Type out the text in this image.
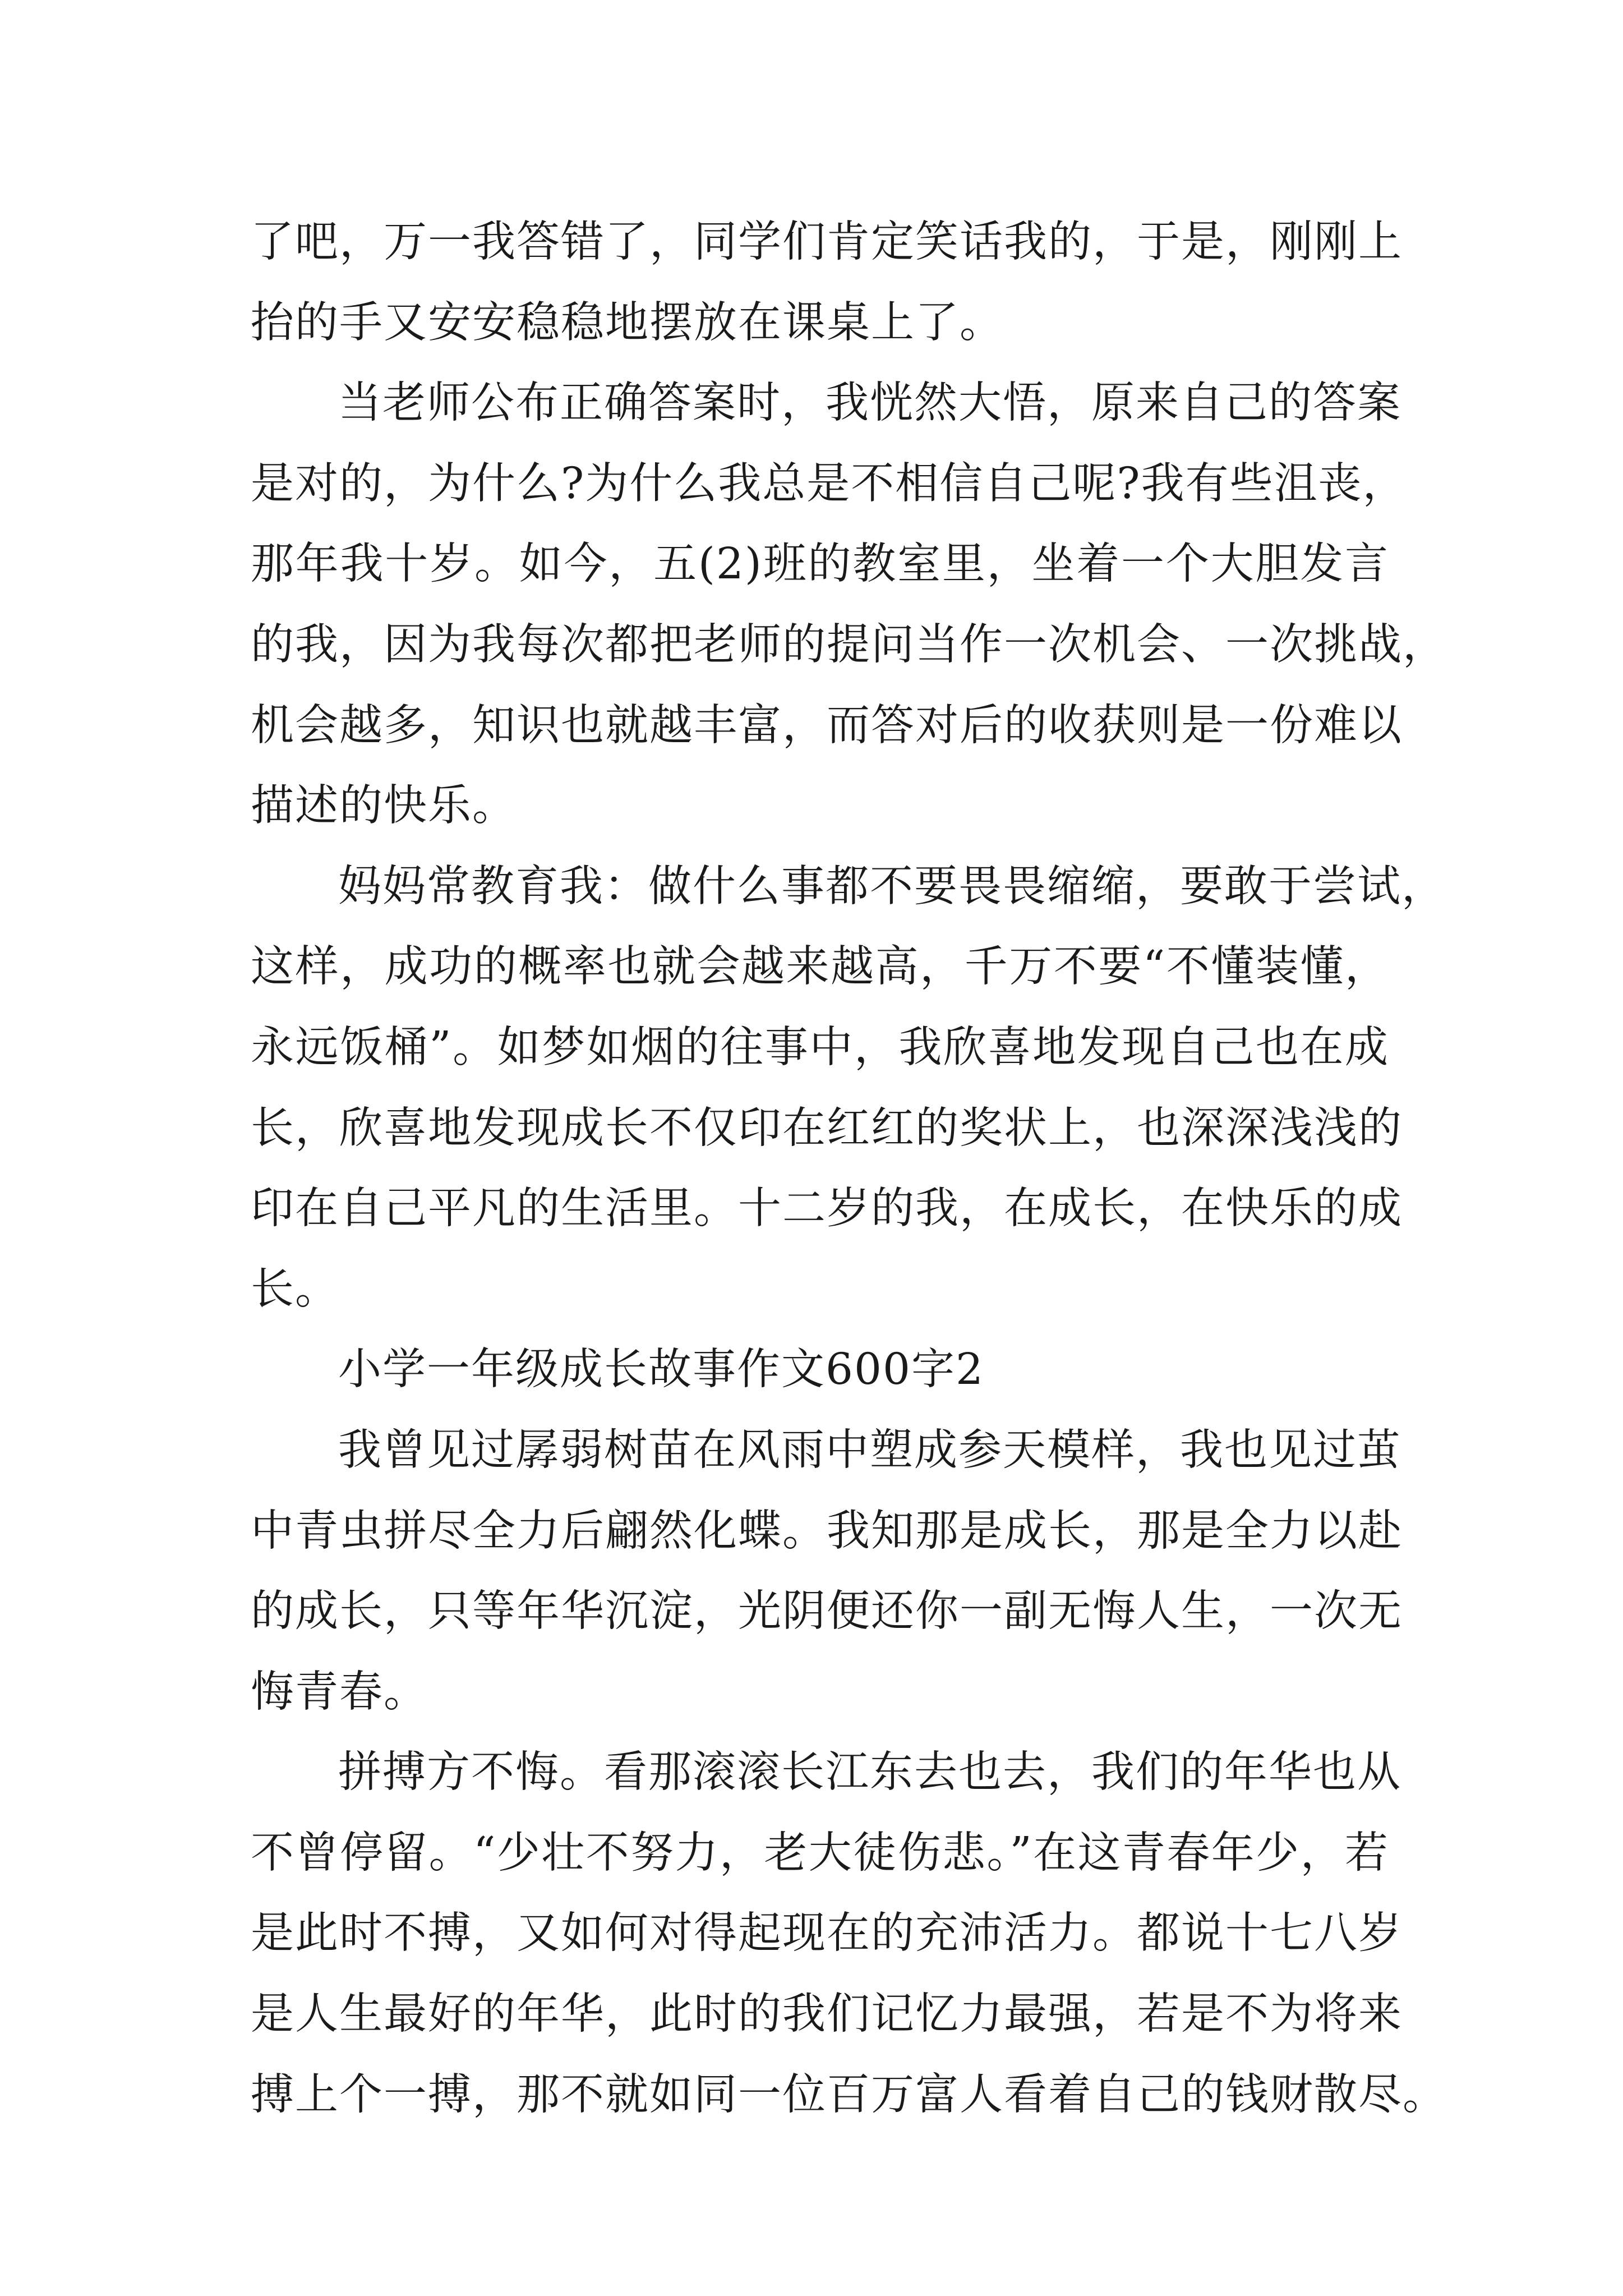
了吧，万一我答错了，同学们肯定笑话我的，于是，刚刚上
抬的手又安安稳稳地摆放在课桌上了。
当老师公布正确答案时，我恍然大悟，原来自己的答案
是对的，为什么?为什么我总是不相信自己呢?我有些沮丧，
那年我十岁。如今，五(2)班的教室里，坐着一个大胆发言
的我，因为我每次都把老师的提问当作一次机会、一次挑战，
机会越多，知识也就越丰富，而答对后的收获则是一份难以
描述的快乐。
妈妈常教育我：做什么事都不要畏畏缩缩，要敢于尝试，
这样，成功的概率也就会越来越高，千万不要“不懂装懂，
永远饭桶”。如梦如烟的往事中，我欣喜地发现自己也在成
长，欣喜地发现成长不仅印在红红的奖状上，也深深浅浅的
印在自己平凡的生活里。十二岁的我，在成长，在快乐的成
长。
小学一年级成长故事作文600字2
我曾见过孱弱树苗在风雨中塑成参天模样，我也见过茧
中青虫拼尽全力后翩然化蝶。我知那是成长，那是全力以赴
的成长，只等年华沉淀，光阴便还你一副无悔人生，一次无
悔青春。
拼搏方不悔。看那滚滚长江东去也去，我们的年华也从
不曾停留。“少壮不努力，老大徒伤悲。”在这青春年少，若
是此时不搏，又如何对得起现在的充沛活力。都说十七八岁
是人生最好的年华，此时的我们记忆力最强，若是不为将来
搏上个一搏，那不就如同一位百万富人看着自己的钱财散尽。
